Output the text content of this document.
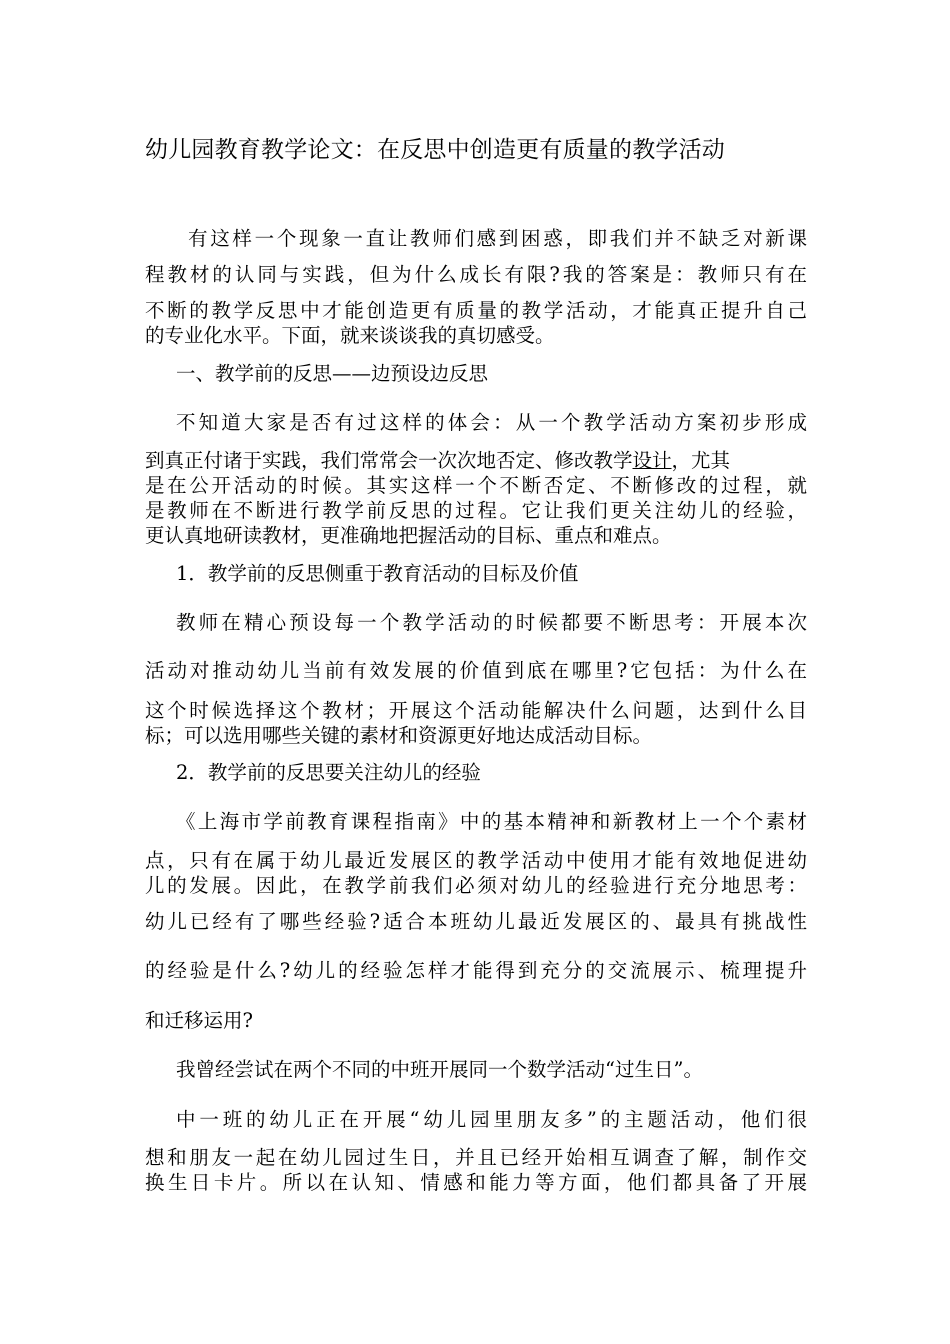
幼儿园教育教学论文：在反思中创造更有质量的教学活动
有这样一个现象一直让教师们感到困惑，即我们并不缺乏对新课
程教材的认同与实践，但为什么成长有限?我的答案是：教师只有在
不断的教学反思中才能创造更有质量的教学活动，才能真正提升自己
的专业化水平。下面，就来谈谈我的真切感受。
一、教学前的反思——边预设边反思
不知道大家是否有过这样的体会：从一个教学活动方案初步形成
到真正付诸于实践，我们常常会一次次地否定、修改教学设计，尤其
是在公开活动的时候。其实这样一个不断否定、不断修改的过程，就
是教师在不断进行教学前反思的过程。它让我们更关注幼儿的经验，
更认真地研读教材，更准确地把握活动的目标、重点和难点。
1．教学前的反思侧重于教育活动的目标及价值
教师在精心预设每一个教学活动的时候都要不断思考：开展本次
活动对推动幼儿当前有效发展的价值到底在哪里?它包括：为什么在
这个时候选择这个教材；开展这个活动能解决什么问题，达到什么目
标；可以选用哪些关键的素材和资源更好地达成活动目标。
2．教学前的反思要关注幼儿的经验
《上海市学前教育课程指南》中的基本精神和新教材上一个个素材
点，只有在属于幼儿最近发展区的教学活动中使用才能有效地促进幼
儿的发展。因此，在教学前我们必须对幼儿的经验进行充分地思考：
幼儿已经有了哪些经验?适合本班幼儿最近发展区的、最具有挑战性
的经验是什么?幼儿的经验怎样才能得到充分的交流展示、梳理提升
和迁移运用?
我曾经尝试在两个不同的中班开展同一个数学活动“过生日”。
中一班的幼儿正在开展“幼儿园里朋友多”的主题活动，他们很
想和朋友一起在幼儿园过生日，并且已经开始相互调查了解，制作交
换生日卡片。所以在认知、情感和能力等方面，他们都具备了开展
